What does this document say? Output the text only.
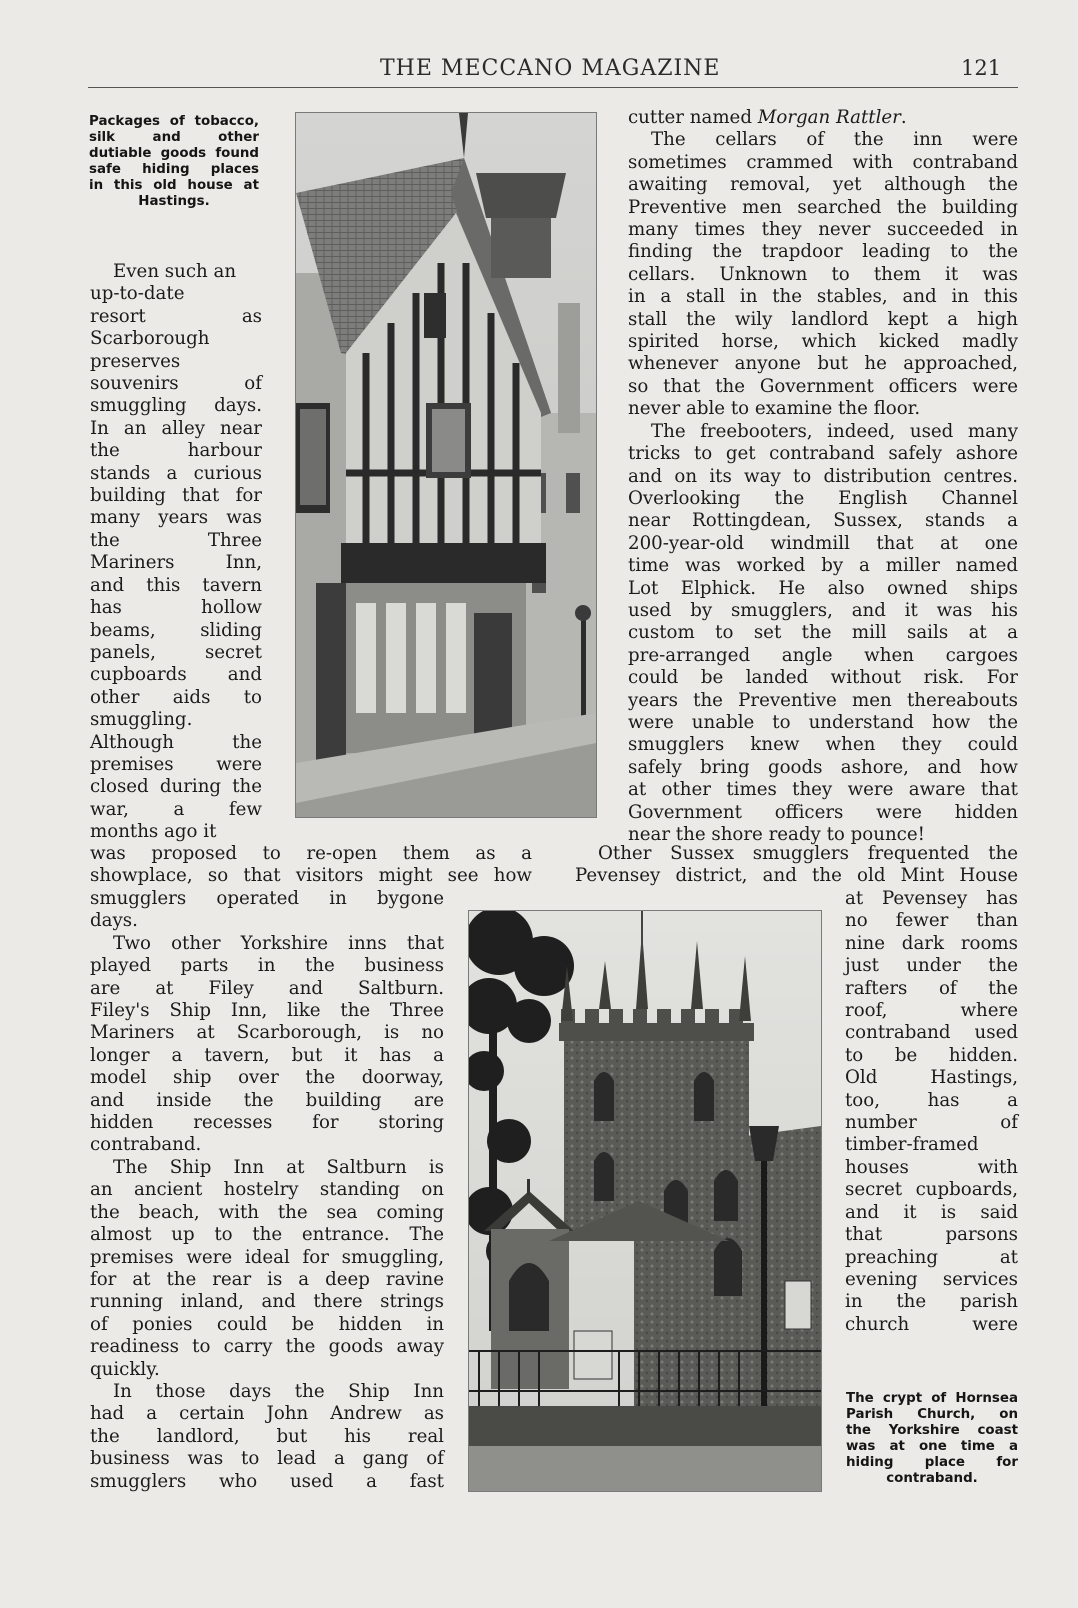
THE MECCANO MAGAZINE	121
Packages of tobacco,
silk and other
dutiable goods found
safe hiding places
in this old house at
Hastings.
Even such an
up-to-date
resort as
Scarborough
preserves
souvenirs of
smuggling days.
In an alley near
the harbour
stands a curious
building that for
many years was
the Three
Mariners Inn,
and this tavern
has hollow
beams, sliding
panels, secret
cupboards and
other aids to
smuggling.
Although the
premises were
closed during the
war, a few
months ago it
was proposed to re-open them as a
showplace, so that visitors might see how
smugglers operated in bygone
days.
Two other Yorkshire inns that
played parts in the business
are at Filey and Saltburn.
Filey's Ship Inn, like the Three
Mariners at Scarborough, is no
longer a tavern, but it has a
model ship over the doorway,
and inside the building are
hidden recesses for storing
contraband.
The Ship Inn at Saltburn is
an ancient hostelry standing on
the beach, with the sea coming
almost up to the entrance. The
premises were ideal for smuggling,
for at the rear is a deep ravine
running inland, and there strings
of ponies could be hidden in
readiness to carry the goods away
quickly.
In those days the Ship Inn
had a certain John Andrew as
the landlord, but his real
business was to lead a gang of
smugglers who used a fast
cutter named Morgan Rattler.
The cellars of the inn were
sometimes crammed with contraband
awaiting removal, yet although the
Preventive men searched the building
many times they never succeeded in
finding the trapdoor leading to the
cellars. Unknown to them it was
in a stall in the stables, and in this
stall the wily landlord kept a high
spirited horse, which kicked madly
whenever anyone but he approached,
so that the Government officers were
never able to examine the floor.
The freebooters, indeed, used many
tricks to get contraband safely ashore
and on its way to distribution centres.
Overlooking the English Channel
near Rottingdean, Sussex, stands a
200-year-old windmill that at one
time was worked by a miller named
Lot Elphick. He also owned ships
used by smugglers, and it was his
custom to set the mill sails at a
pre-arranged angle when cargoes
could be landed without risk. For
years the Preventive men thereabouts
were unable to understand how the
smugglers knew when they could
safely bring goods ashore, and how
at other times they were aware that
Government officers were hidden
near the shore ready to pounce!
Other Sussex smugglers frequented the
Pevensey district, and the old Mint House
at Pevensey has
no fewer than
nine dark rooms
just under the
rafters of the
roof, where
contraband used
to be hidden.
Old Hastings,
too, has a
number of
timber-framed
houses with
secret cupboards,
and it is said
that parsons
preaching at
evening services
in the parish
church were
The crypt of Hornsea
Parish Church, on
the Yorkshire coast
was at one time a
hiding place for
contraband.
